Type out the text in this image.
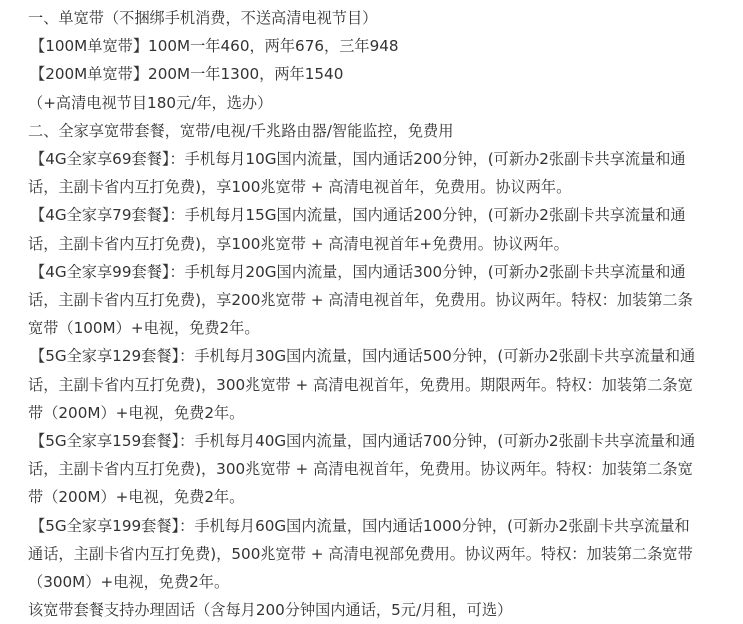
一、单宽带（不捆绑手机消费，不送高清电视节目）
【100M单宽带】100M一年460，两年676，三年948
【200M单宽带】200M一年1300，两年1540
（+高清电视节目180元/年，选办）
二、全家享宽带套餐，宽带/电视/千兆路由器/智能监控，免费用
【4G全家享69套餐】：手机每月10G国内流量，国内通话200分钟，(可新办2张副卡共享流量和通
话，主副卡省内互打免费)，享100兆宽带 + 高清电视首年，免费用。协议两年。
【4G全家享79套餐】：手机每月15G国内流量，国内通话200分钟，(可新办2张副卡共享流量和通
话，主副卡省内互打免费)，享100兆宽带 + 高清电视首年+免费用。协议两年。
【4G全家享99套餐】：手机每月20G国内流量，国内通话300分钟，(可新办2张副卡共享流量和通
话，主副卡省内互打免费)，享200兆宽带 + 高清电视首年，免费用。协议两年。特权：加装第二条
宽带（100M）+电视，免费2年。
【5G全家享129套餐】：手机每月30G国内流量，国内通话500分钟，(可新办2张副卡共享流量和通
话，主副卡省内互打免费)，300兆宽带 + 高清电视首年，免费用。期限两年。特权：加装第二条宽
带（200M）+电视，免费2年。
【5G全家享159套餐】：手机每月40G国内流量，国内通话700分钟，(可新办2张副卡共享流量和通
话，主副卡省内互打免费)，300兆宽带 + 高清电视首年，免费用。协议两年。特权：加装第二条宽
带（200M）+电视，免费2年。
【5G全家享199套餐】：手机每月60G国内流量，国内通话1000分钟，(可新办2张副卡共享流量和
通话，主副卡省内互打免费)，500兆宽带 + 高清电视部免费用。协议两年。特权：加装第二条宽带
（300M）+电视，免费2年。
该宽带套餐支持办理固话（含每月200分钟国内通话，5元/月租，可选）
